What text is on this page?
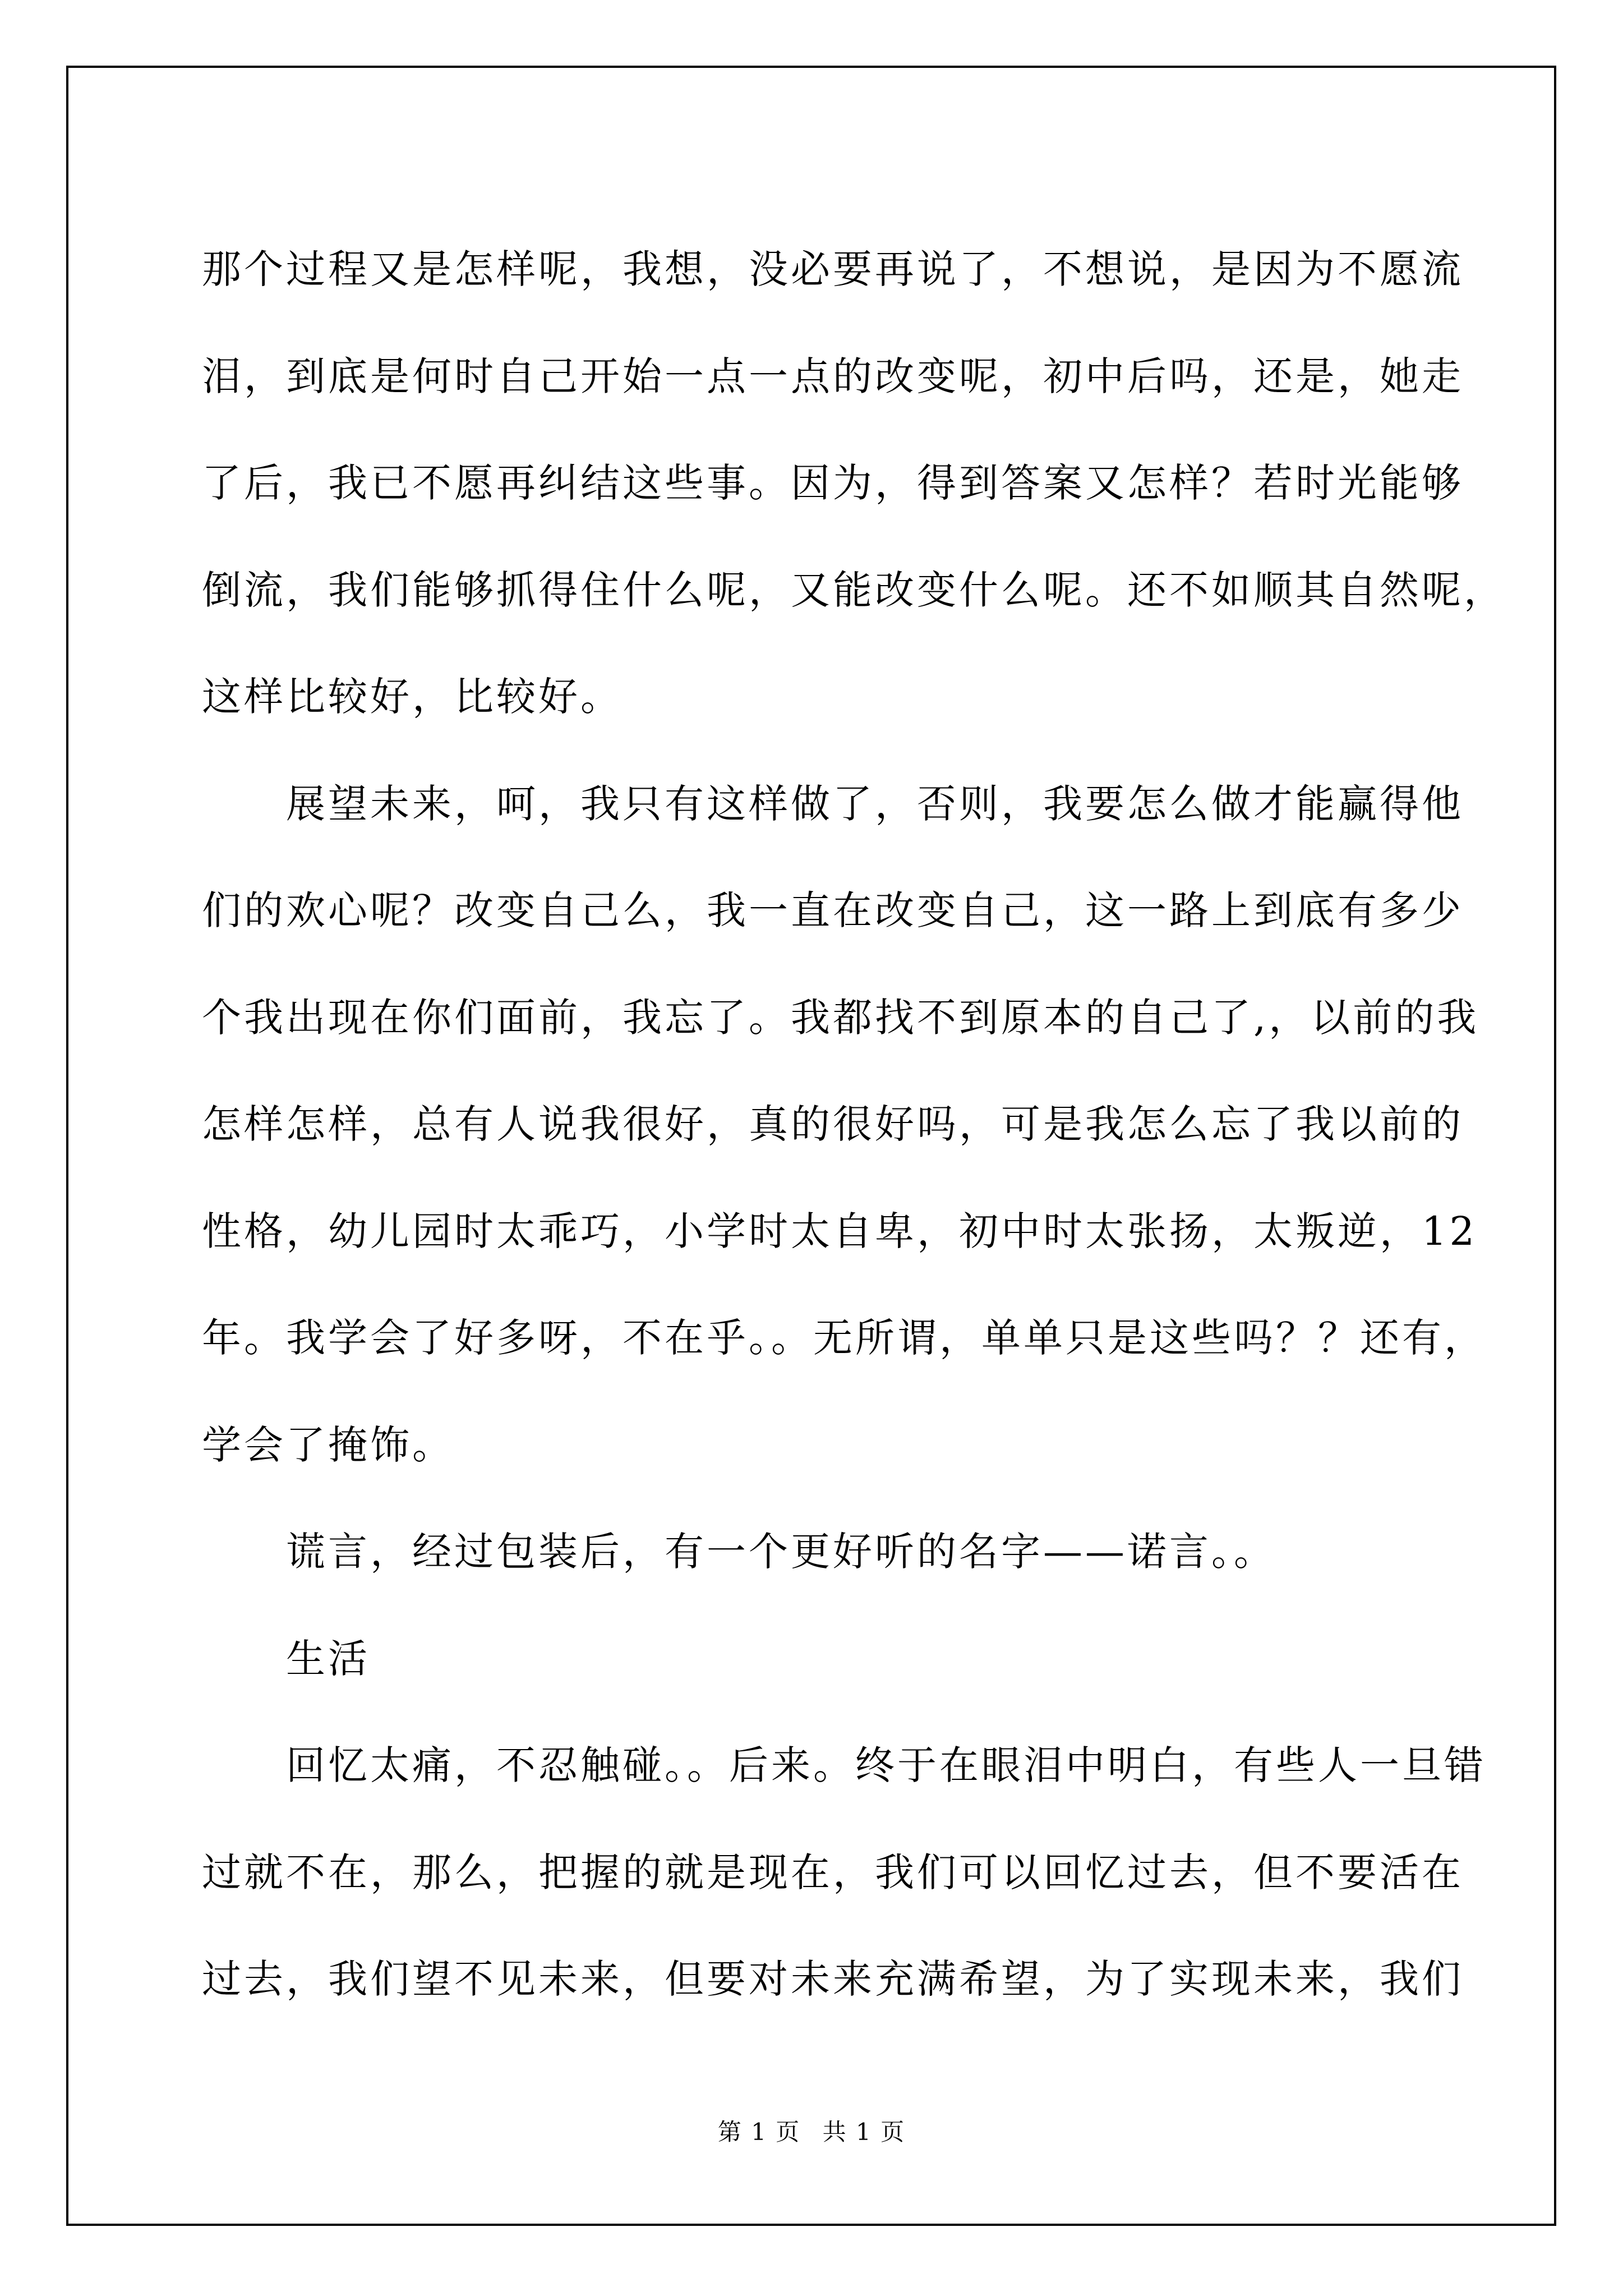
那个过程又是怎样呢，我想，没必要再说了，不想说，是因为不愿流
泪，到底是何时自己开始一点一点的改变呢，初中后吗，还是，她走
了后，我已不愿再纠结这些事。因为，得到答案又怎样？若时光能够
倒流，我们能够抓得住什么呢，又能改变什么呢。还不如顺其自然呢，
这样比较好，比较好。
展望未来，呵，我只有这样做了，否则，我要怎么做才能赢得他
们的欢心呢？改变自己么，我一直在改变自己，这一路上到底有多少
个我出现在你们面前，我忘了。我都找不到原本的自己了,，以前的我
怎样怎样，总有人说我很好，真的很好吗，可是我怎么忘了我以前的
性格，幼儿园时太乖巧，小学时太自卑，初中时太张扬，太叛逆，12
年。我学会了好多呀，不在乎。。无所谓，单单只是这些吗？？还有，
学会了掩饰。
谎言，经过包装后，有一个更好听的名字——诺言。。
生活
回忆太痛，不忍触碰。。后来。终于在眼泪中明白，有些人一旦错
过就不在，那么，把握的就是现在，我们可以回忆过去，但不要活在
过去，我们望不见未来，但要对未来充满希望，为了实现未来，我们
第 1 页 共 1 页
